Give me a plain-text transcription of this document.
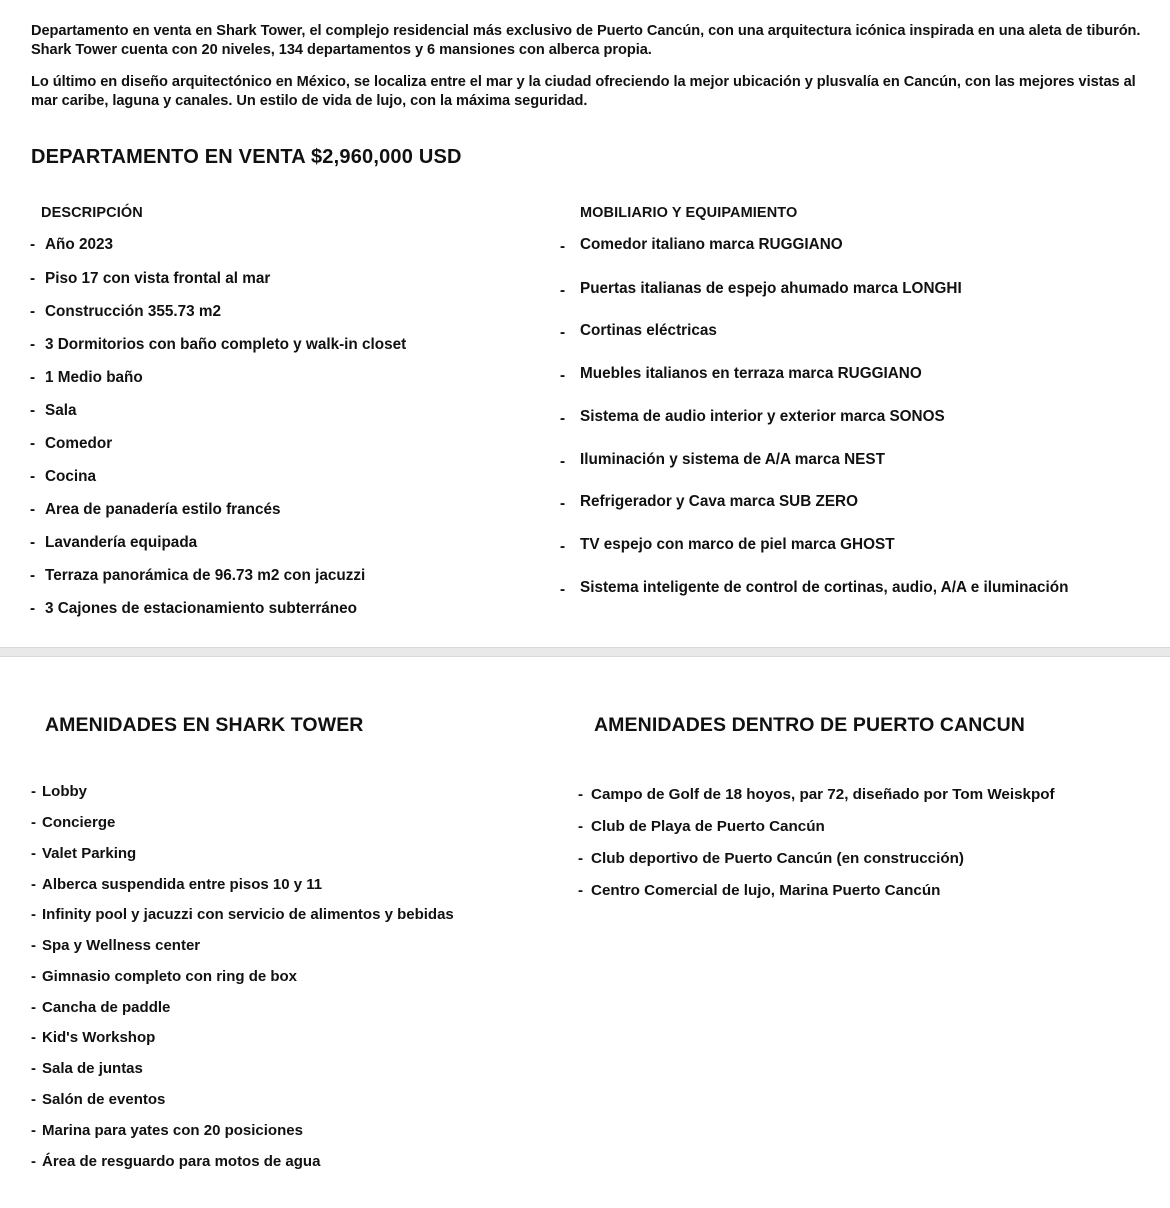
Departamento en venta en Shark Tower, el complejo residencial más exclusivo de Puerto Cancún, con una arquitectura icónica inspirada en una aleta de tiburón. Shark Tower cuenta con 20 niveles, 134 departamentos y 6 mansiones con alberca propia.

Lo último en diseño arquitectónico en México, se localiza entre el mar y la ciudad ofreciendo la mejor ubicación y plusvalía en Cancún, con las mejores vistas al mar caribe, laguna y canales. Un estilo de vida de lujo, con la máxima seguridad.

DEPARTAMENTO EN VENTA $2,960,000 USD
DESCRIPCIÓN
- Año 2023
- Piso 17 con vista frontal al mar
- Construcción 355.73 m2
- 3 Dormitorios con baño completo y walk-in closet
- 1 Medio baño
- Sala
- Comedor
- Cocina
- Area de panadería estilo francés
- Lavandería equipada
- Terraza panorámica de 96.73 m2 con jacuzzi
- 3 Cajones de estacionamiento subterráneo
MOBILIARIO Y EQUIPAMIENTO
- Comedor italiano marca RUGGIANO
- Puertas italianas de espejo ahumado marca LONGHI
- Cortinas eléctricas
- Muebles italianos en terraza marca RUGGIANO
- Sistema de audio interior y exterior marca SONOS
- Iluminación y sistema de A/A marca NEST
- Refrigerador y Cava marca SUB ZERO
- TV espejo con marco de piel marca GHOST
- Sistema inteligente de control de cortinas, audio, A/A e iluminación
AMENIDADES EN SHARK TOWER	AMENIDADES DENTRO DE PUERTO CANCUN
- Lobby
- Concierge
- Valet Parking
- Alberca suspendida entre pisos 10 y 11
- Infinity pool y jacuzzi con servicio de alimentos y bebidas
- Spa y Wellness center
- Gimnasio completo con ring de box
- Cancha de paddle
- Kid's Workshop
- Sala de juntas
- Salón de eventos
- Marina para yates con 20 posiciones
- Área de resguardo para motos de agua
- Campo de Golf de 18 hoyos, par 72, diseñado por Tom Weiskpof
- Club de Playa de Puerto Cancún
- Club deportivo de Puerto Cancún (en construcción)
- Centro Comercial de lujo, Marina Puerto Cancún
